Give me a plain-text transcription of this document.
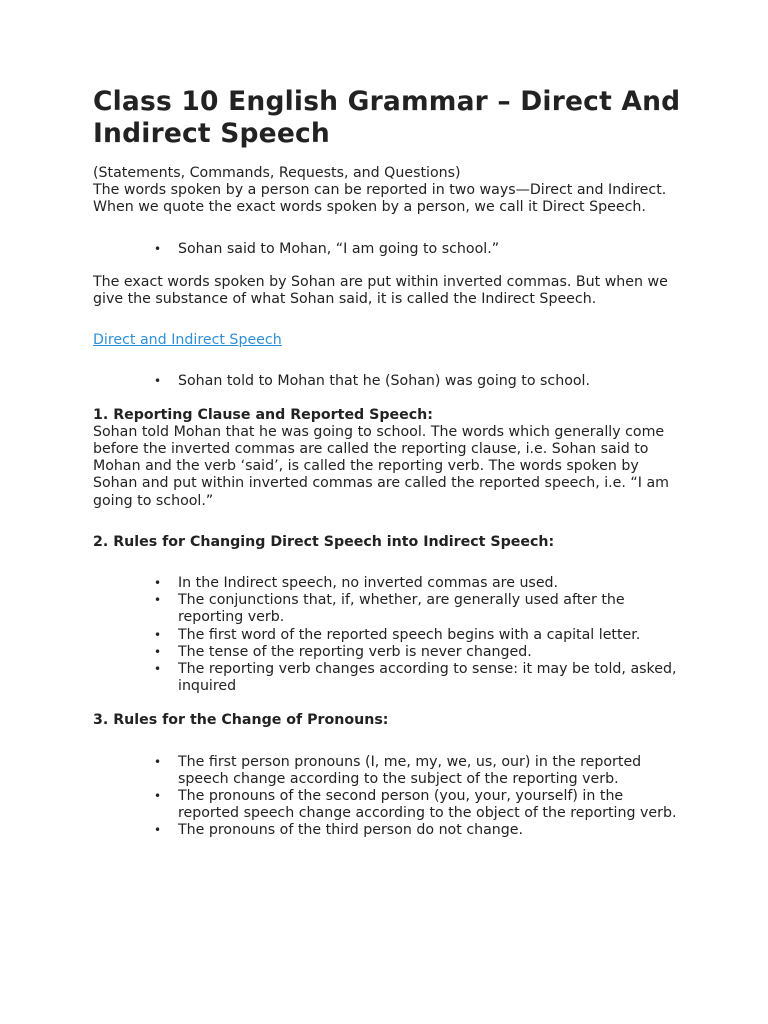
Class 10 English Grammar – Direct And Indirect Speech

(Statements, Commands, Requests, and Questions)

The words spoken by a person can be reported in two ways—Direct and Indirect. When we quote the exact words spoken by a person, we call it Direct Speech.

• Sohan said to Mohan, “I am going to school.”

The exact words spoken by Sohan are put within inverted commas. But when we give the substance of what Sohan said, it is called the Indirect Speech.

Direct and Indirect Speech

• Sohan told to Mohan that he (Sohan) was going to school.

1. Reporting Clause and Reported Speech:

Sohan told Mohan that he was going to school. The words which generally come before the inverted commas are called the reporting clause, i.e. Sohan said to Mohan and the verb ‘said’, is called the reporting verb. The words spoken by Sohan and put within inverted commas are called the reported speech, i.e. “I am going to school.”

2. Rules for Changing Direct Speech into Indirect Speech:

• In the Indirect speech, no inverted commas are used.
• The conjunctions that, if, whether, are generally used after the reporting verb.
• The first word of the reported speech begins with a capital letter.
• The tense of the reporting verb is never changed.
• The reporting verb changes according to sense: it may be told, asked, inquired

3. Rules for the Change of Pronouns:

• The first person pronouns (I, me, my, we, us, our) in the reported speech change according to the subject of the reporting verb.
• The pronouns of the second person (you, your, yourself) in the reported speech change according to the object of the reporting verb.
• The pronouns of the third person do not change.
